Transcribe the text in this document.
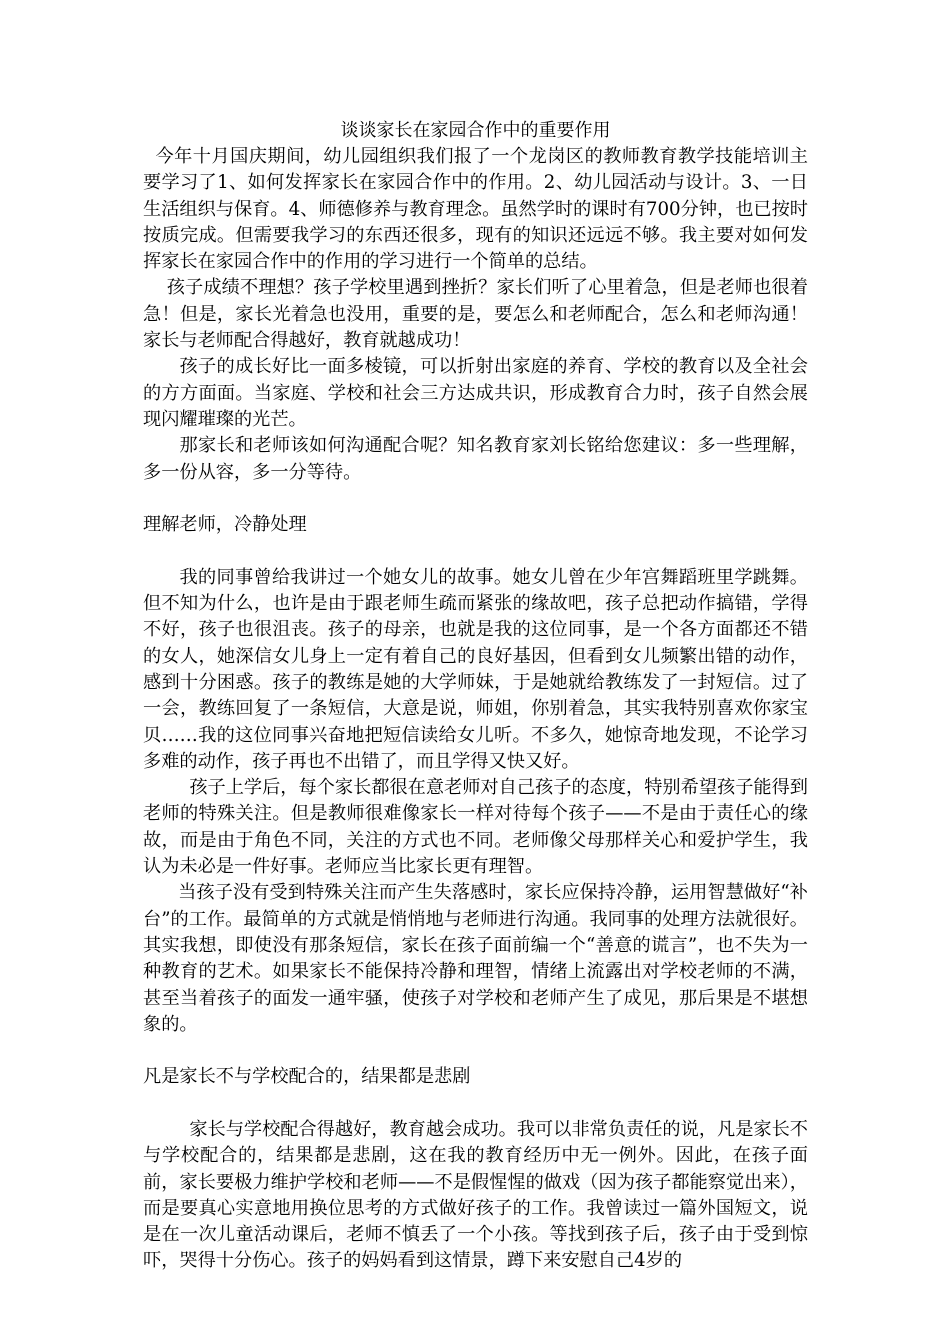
谈谈家长在家园合作中的重要作用

今年十月国庆期间，幼儿园组织我们报了一个龙岗区的教师教育教学技能培训主要学习了1、如何发挥家长在家园合作中的作用。2、幼儿园活动与设计。3、一日生活组织与保育。4、师德修养与教育理念。虽然学时的课时有700分钟，也已按时按质完成。但需要我学习的东西还很多，现有的知识还远远不够。我主要对如何发挥家长在家园合作中的作用的学习进行一个简单的总结。

孩子成绩不理想？孩子学校里遇到挫折？家长们听了心里着急，但是老师也很着急！但是，家长光着急也没用，重要的是，要怎么和老师配合，怎么和老师沟通！家长与老师配合得越好，教育就越成功！

孩子的成长好比一面多棱镜，可以折射出家庭的养育、学校的教育以及全社会的方方面面。当家庭、学校和社会三方达成共识，形成教育合力时，孩子自然会展现闪耀璀璨的光芒。

那家长和老师该如何沟通配合呢？知名教育家刘长铭给您建议：多一些理解，多一份从容，多一分等待。

理解老师，冷静处理

我的同事曾给我讲过一个她女儿的故事。她女儿曾在少年宫舞蹈班里学跳舞。但不知为什么，也许是由于跟老师生疏而紧张的缘故吧，孩子总把动作搞错，学得不好，孩子也很沮丧。孩子的母亲，也就是我的这位同事，是一个各方面都还不错的女人，她深信女儿身上一定有着自己的良好基因，但看到女儿频繁出错的动作，感到十分困惑。孩子的教练是她的大学师妹，于是她就给教练发了一封短信。过了一会，教练回复了一条短信，大意是说，师姐，你别着急，其实我特别喜欢你家宝贝……我的这位同事兴奋地把短信读给女儿听。不多久，她惊奇地发现，不论学习多难的动作，孩子再也不出错了，而且学得又快又好。

孩子上学后，每个家长都很在意老师对自己孩子的态度，特别希望孩子能得到老师的特殊关注。但是教师很难像家长一样对待每个孩子——不是由于责任心的缘故，而是由于角色不同，关注的方式也不同。老师像父母那样关心和爱护学生，我认为未必是一件好事。老师应当比家长更有理智。

当孩子没有受到特殊关注而产生失落感时，家长应保持冷静，运用智慧做好“补台”的工作。最简单的方式就是悄悄地与老师进行沟通。我同事的处理方法就很好。其实我想，即使没有那条短信，家长在孩子面前编一个“善意的谎言”，也不失为一种教育的艺术。如果家长不能保持冷静和理智，情绪上流露出对学校老师的不满，甚至当着孩子的面发一通牢骚，使孩子对学校和老师产生了成见，那后果是不堪想象的。

凡是家长不与学校配合的，结果都是悲剧

家长与学校配合得越好，教育越会成功。我可以非常负责任的说，凡是家长不与学校配合的，结果都是悲剧，这在我的教育经历中无一例外。因此，在孩子面前，家长要极力维护学校和老师——不是假惺惺的做戏（因为孩子都能察觉出来），而是要真心实意地用换位思考的方式做好孩子的工作。我曾读过一篇外国短文，说是在一次儿童活动课后，老师不慎丢了一个小孩。等找到孩子后，孩子由于受到惊吓，哭得十分伤心。孩子的妈妈看到这情景，蹲下来安慰自己4岁的
